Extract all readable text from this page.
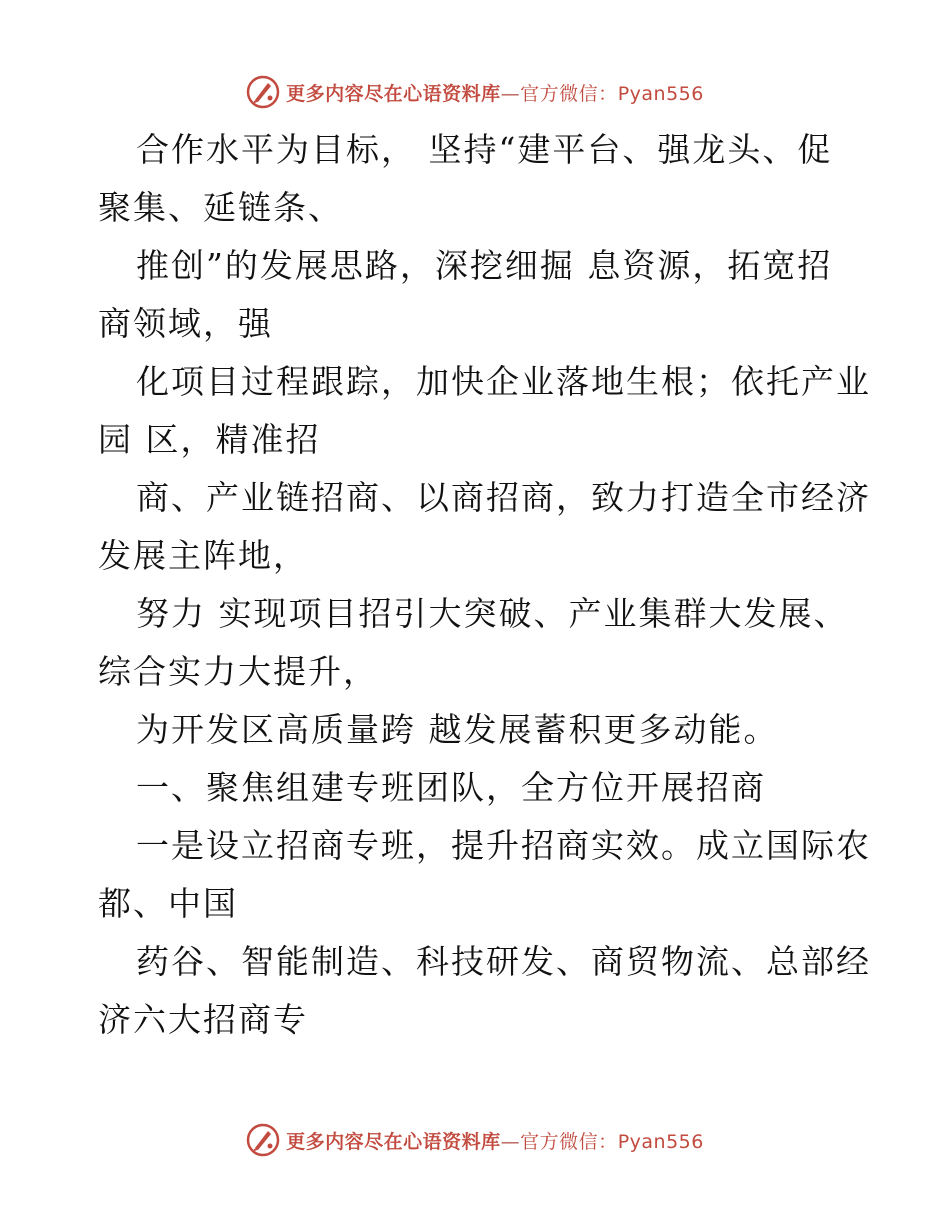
更多内容尽在心语资料库—官方微信：Pyan556
合作水平为目标， 坚持“建平台、强龙头、促
聚集、延链条、
推创”的发展思路，深挖细掘 息资源，拓宽招
商领域，强
化项目过程跟踪，加快企业落地生根；依托产业
园 区，精准招
商、产业链招商、以商招商，致力打造全市经济
发展主阵地，
努力 实现项目招引大突破、产业集群大发展、
综合实力大提升，
为开发区高质量跨 越发展蓄积更多动能。
一、聚焦组建专班团队，全方位开展招商
一是设立招商专班，提升招商实效。成立国际农
都、中国
药谷、智能制造、科技研发、商贸物流、总部经
济六大招商专
更多内容尽在心语资料库—官方微信：Pyan556
